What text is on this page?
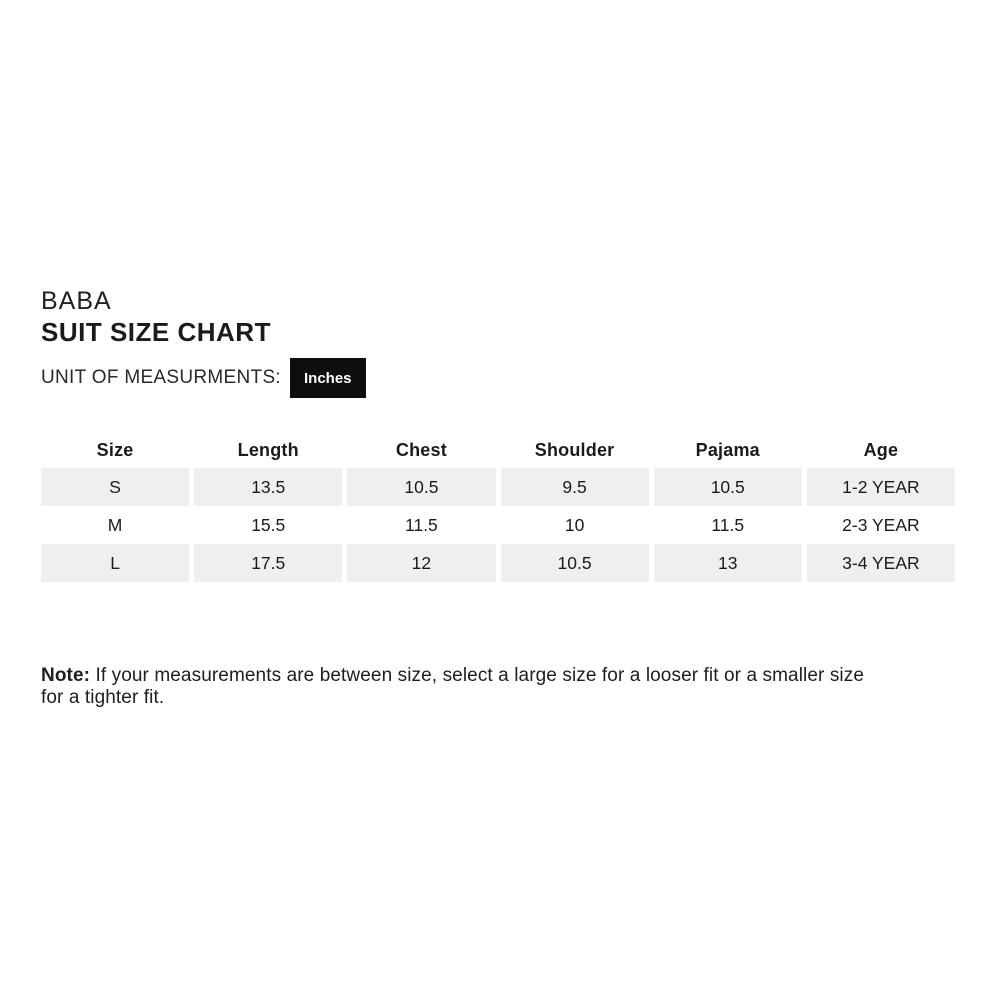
BABA
SUIT SIZE CHART
UNIT OF MEASURMENTS:	Inches
Size	Length	Chest	Shoulder	Pajama	Age
S	13.5	10.5	9.5	10.5	1-2 YEAR
M	15.5	11.5	10	11.5	2-3 YEAR
L	17.5	12	10.5	13	3-4 YEAR

Note: If your measurements are between size, select a large size for a looser fit or a smaller size for a tighter fit.
